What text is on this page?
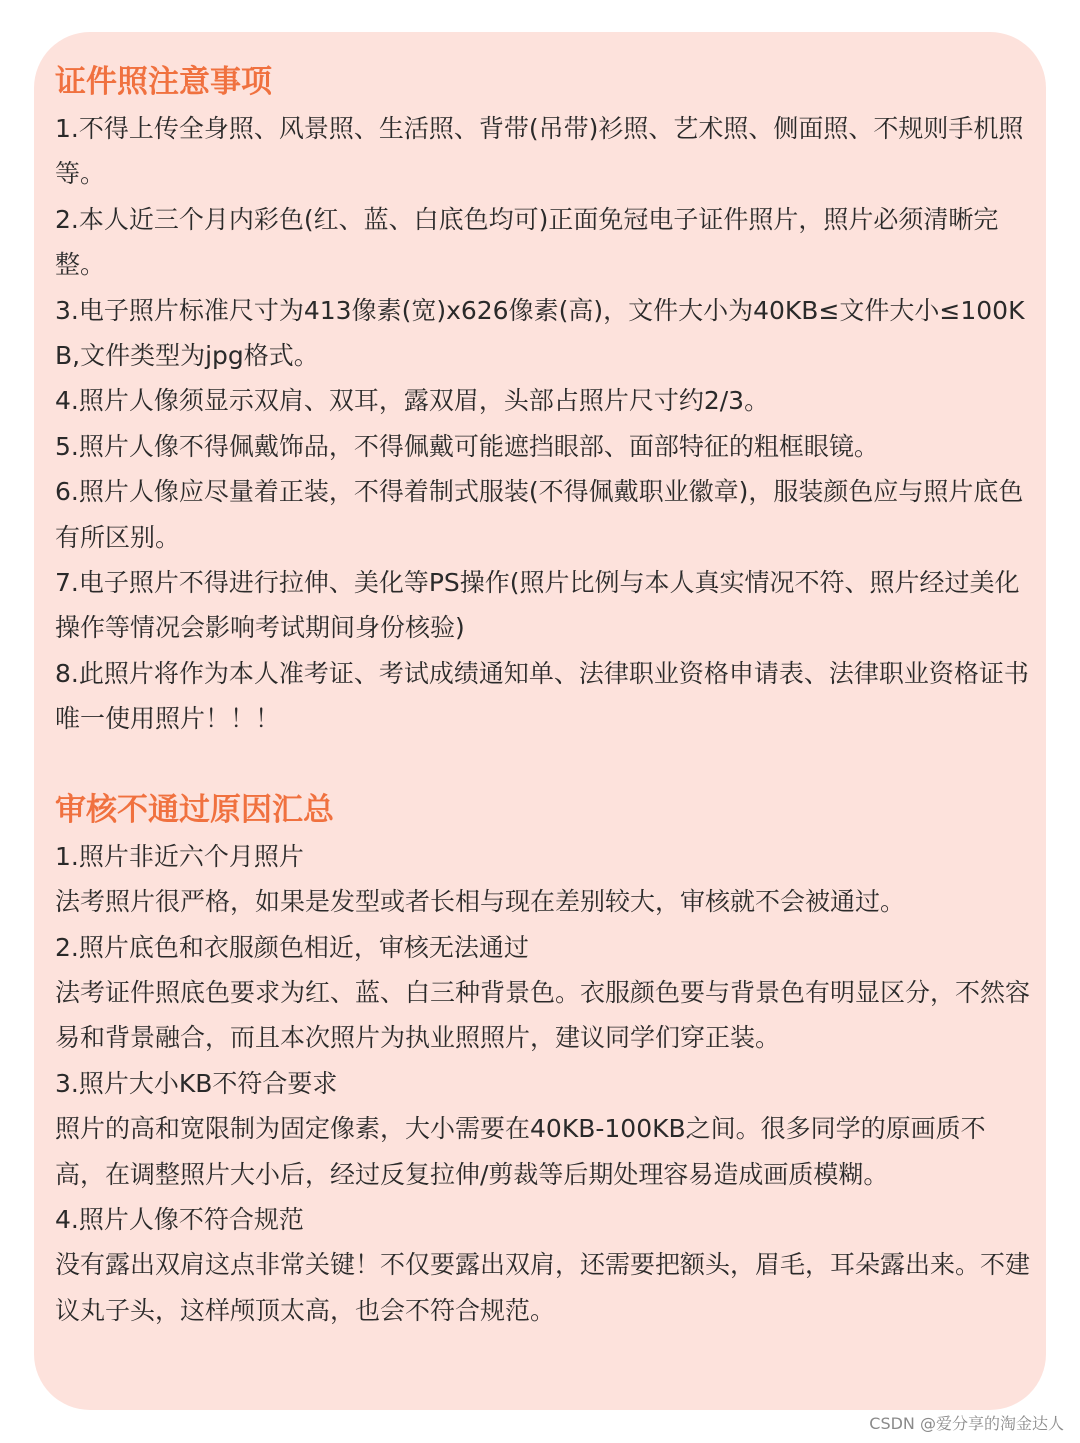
证件照注意事项

1.不得上传全身照、风景照、生活照、背带(吊带)衫照、艺术照、侧面照、不规则手机照等。

2.本人近三个月内彩色(红、蓝、白底色均可)正面免冠电子证件照片，照片必须清晰完整。

3.电子照片标准尺寸为413像素(宽)x626像素(高)，文件大小为40KB≤文件大小≤100KB,文件类型为jpg格式。

4.照片人像须显示双肩、双耳，露双眉，头部占照片尺寸约2/3。

5.照片人像不得佩戴饰品，不得佩戴可能遮挡眼部、面部特征的粗框眼镜。

6.照片人像应尽量着正装，不得着制式服装(不得佩戴职业徽章)，服装颜色应与照片底色有所区别。

7.电子照片不得进行拉伸、美化等PS操作(照片比例与本人真实情况不符、照片经过美化操作等情况会影响考试期间身份核验)

8.此照片将作为本人准考证、考试成绩通知单、法律职业资格申请表、法律职业资格证书唯一使用照片！！！

审核不通过原因汇总

1.照片非近六个月照片

法考照片很严格，如果是发型或者长相与现在差别较大，审核就不会被通过。

2.照片底色和衣服颜色相近，审核无法通过

法考证件照底色要求为红、蓝、白三种背景色。衣服颜色要与背景色有明显区分，不然容易和背景融合，而且本次照片为执业照照片，建议同学们穿正装。

3.照片大小KB不符合要求

照片的高和宽限制为固定像素，大小需要在40KB-100KB之间。很多同学的原画质不高，在调整照片大小后，经过反复拉伸/剪裁等后期处理容易造成画质模糊。

4.照片人像不符合规范

没有露出双肩这点非常关键！不仅要露出双肩，还需要把额头，眉毛，耳朵露出来。不建议丸子头，这样颅顶太高，也会不符合规范。

CSDN @爱分享的淘金达人
